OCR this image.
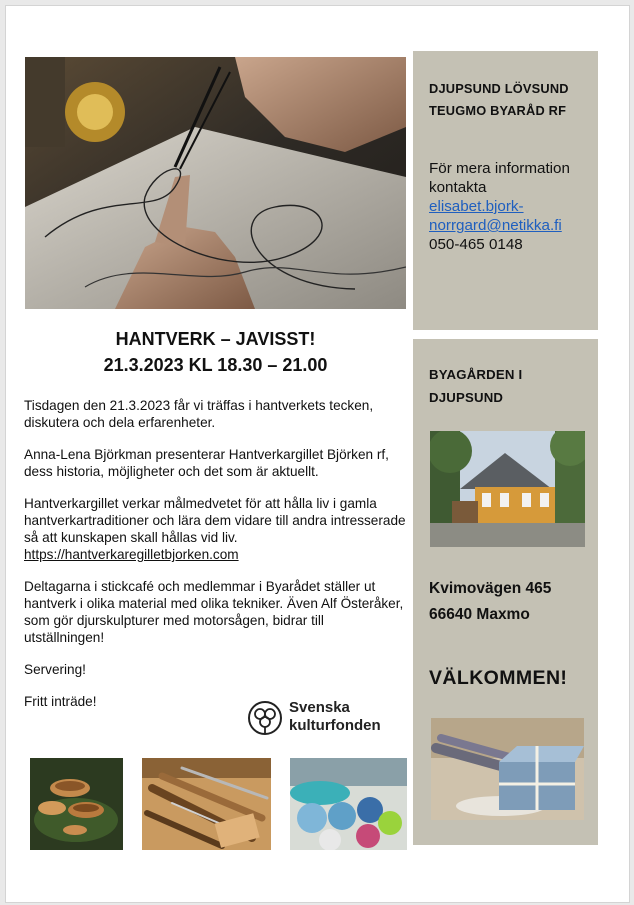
HANTVERK – JAVISST!
21.3.2023 KL 18.30 – 21.00

Tisdagen den 21.3.2023 får vi träffas i hantverkets tecken, diskutera och dela erfarenheter.

Anna-Lena Björkman presenterar Hantverkargillet Björken rf, dess historia, möjligheter och det som är aktuellt.

Hantverkargillet verkar målmedvetet för att hålla liv i gamla hantverkartraditioner och lära dem vidare till andra intresserade så att kunskapen skall hållas vid liv.
https://hantverkaregilletbjorken.com

Deltagarna i stickcafé och medlemmar i Byarådet ställer ut hantverk i olika material med olika tekniker. Även Alf Österåker, som gör djurskulpturer med motorsågen, bidrar till utställningen!

Servering!

Fritt inträde!	Svenska
kulturfonden
DJUPSUND LÖVSUND
TEUGMO BYARÅD RF
För mera information
kontakta
elisabet.bjork-
norrgard@netikka.fi
050-465 0148
BYAGÅRDEN I
DJUPSUND
Kvimovägen 465
66640 Maxmo
VÄLKOMMEN!
